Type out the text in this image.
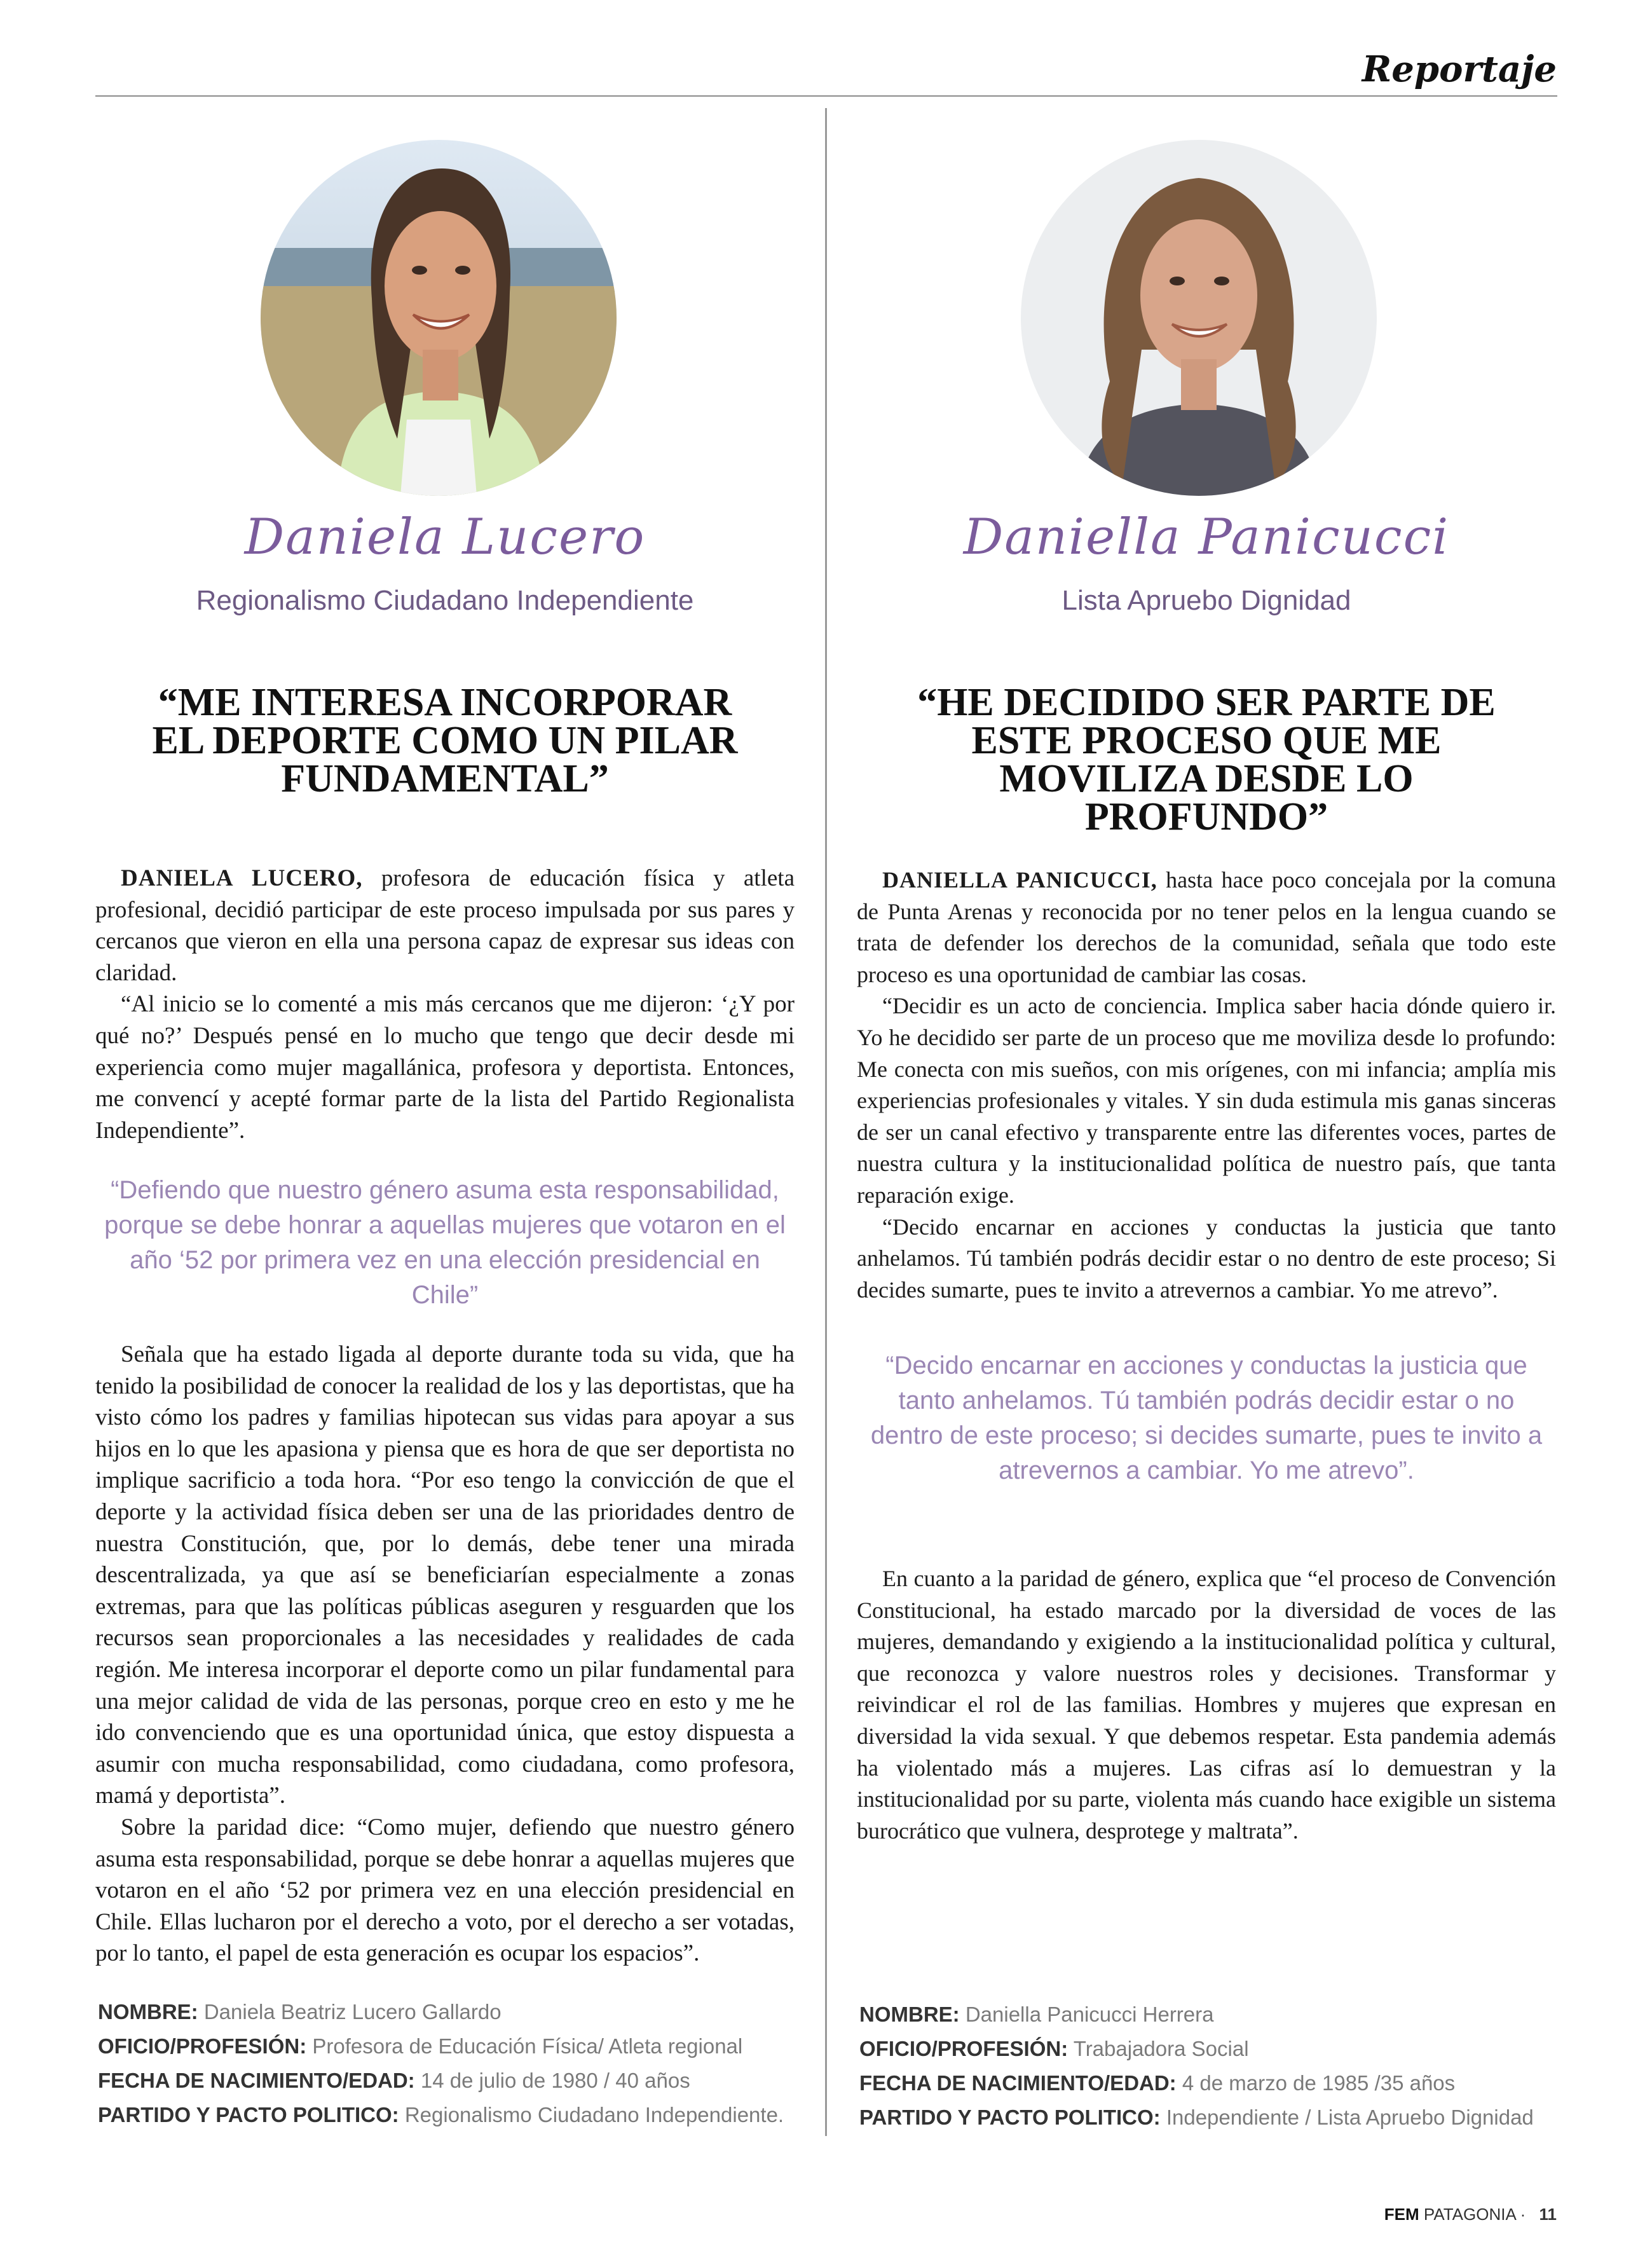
Reportaje
Daniela Lucero
Regionalismo Ciudadano Independiente
“ME INTERESA INCORPORAR EL DEPORTE COMO UN PILAR FUNDAMENTAL”

DANIELA LUCERO, profesora de educación física y atleta profesional, decidió participar de este proceso impulsada por sus pares y cercanos que vieron en ella una persona capaz de expresar sus ideas con claridad.

“Al inicio se lo comenté a mis más cercanos que me dijeron: ‘¿Y por qué no?’ Después pensé en lo mucho que tengo que decir desde mi experiencia como mujer magallánica, profesora y deportista. Entonces, me convencí y acepté formar parte de la lista del Partido Regionalista Independiente”.

“Defiendo que nuestro género asuma esta responsabilidad, porque se debe honrar a aquellas mujeres que votaron en el año ‘52 por primera vez en una elección presidencial en Chile”

Señala que ha estado ligada al deporte durante toda su vida, que ha tenido la posibilidad de conocer la realidad de los y las deportistas, que ha visto cómo los padres y familias hipotecan sus vidas para apoyar a sus hijos en lo que les apasiona y piensa que es hora de que ser deportista no implique sacrificio a toda hora. “Por eso tengo la convicción de que el deporte y la actividad física deben ser una de las prioridades dentro de nuestra Constitución, que, por lo demás, debe tener una mirada descentralizada, ya que así se beneficiarían especialmente a zonas extremas, para que las políticas públicas aseguren y resguarden que los recursos sean proporcionales a las necesidades y realidades de cada región. Me interesa incorporar el deporte como un pilar fundamental para una mejor calidad de vida de las personas, porque creo en esto y me he ido convenciendo que es una oportunidad única, que estoy dispuesta a asumir con mucha responsabilidad, como ciudadana, como profesora, mamá y deportista”.

Sobre la paridad dice: “Como mujer, defiendo que nuestro género asuma esta responsabilidad, porque se debe honrar a aquellas mujeres que votaron en el año ‘52 por primera vez en una elección presidencial en Chile. Ellas lucharon por el derecho a voto, por el derecho a ser votadas, por lo tanto, el papel de esta generación es ocupar los espacios”.

NOMBRE: Daniela Beatriz Lucero Gallardo
OFICIO/PROFESIÓN: Profesora de Educación Física/ Atleta regional
FECHA DE NACIMIENTO/EDAD: 14 de julio de 1980 / 40 años
PARTIDO Y PACTO POLITICO: Regionalismo Ciudadano Independiente.
Daniella Panicucci
Lista Apruebo Dignidad
“HE DECIDIDO SER PARTE DE ESTE PROCESO QUE ME MOVILIZA DESDE LO PROFUNDO”

DANIELLA PANICUCCI, hasta hace poco concejala por la comuna de Punta Arenas y reconocida por no tener pelos en la lengua cuando se trata de defender los derechos de la comunidad, señala que todo este proceso es una oportunidad de cambiar las cosas.

“Decidir es un acto de conciencia. Implica saber hacia dónde quiero ir. Yo he decidido ser parte de un proceso que me moviliza desde lo profundo: Me conecta con mis sueños, con mis orígenes, con mi infancia; amplía mis experiencias profesionales y vitales. Y sin duda estimula mis ganas sinceras de ser un canal efectivo y transparente entre las diferentes voces, partes de nuestra cultura y la institucionalidad política de nuestro país, que tanta reparación exige.

“Decido encarnar en acciones y conductas la justicia que tanto anhelamos. Tú también podrás decidir estar o no dentro de este proceso; Si decides sumarte, pues te invito a atrevernos a cambiar. Yo me atrevo”.

“Decido encarnar en acciones y conductas la justicia que tanto anhelamos. Tú también podrás decidir estar o no dentro de este proceso; si decides sumarte, pues te invito a atrevernos a cambiar. Yo me atrevo”.

En cuanto a la paridad de género, explica que “el proceso de Convención Constitucional, ha estado marcado por la diversidad de voces de las mujeres, demandando y exigiendo a la institucionalidad política y cultural, que reconozca y valore nuestros roles y decisiones. Transformar y reivindicar el rol de las familias. Hombres y mujeres que expresan en diversidad la vida sexual. Y que debemos respetar. Esta pandemia además ha violentado más a mujeres. Las cifras así lo demuestran y la institucionalidad por su parte, violenta más cuando hace exigible un sistema burocrático que vulnera, desprotege y maltrata”.

NOMBRE: Daniella Panicucci Herrera
OFICIO/PROFESIÓN: Trabajadora Social
FECHA DE NACIMIENTO/EDAD: 4 de marzo de 1985 /35 años
PARTIDO Y PACTO POLITICO: Independiente / Lista Apruebo Dignidad
FEM PATAGONIA · 11
